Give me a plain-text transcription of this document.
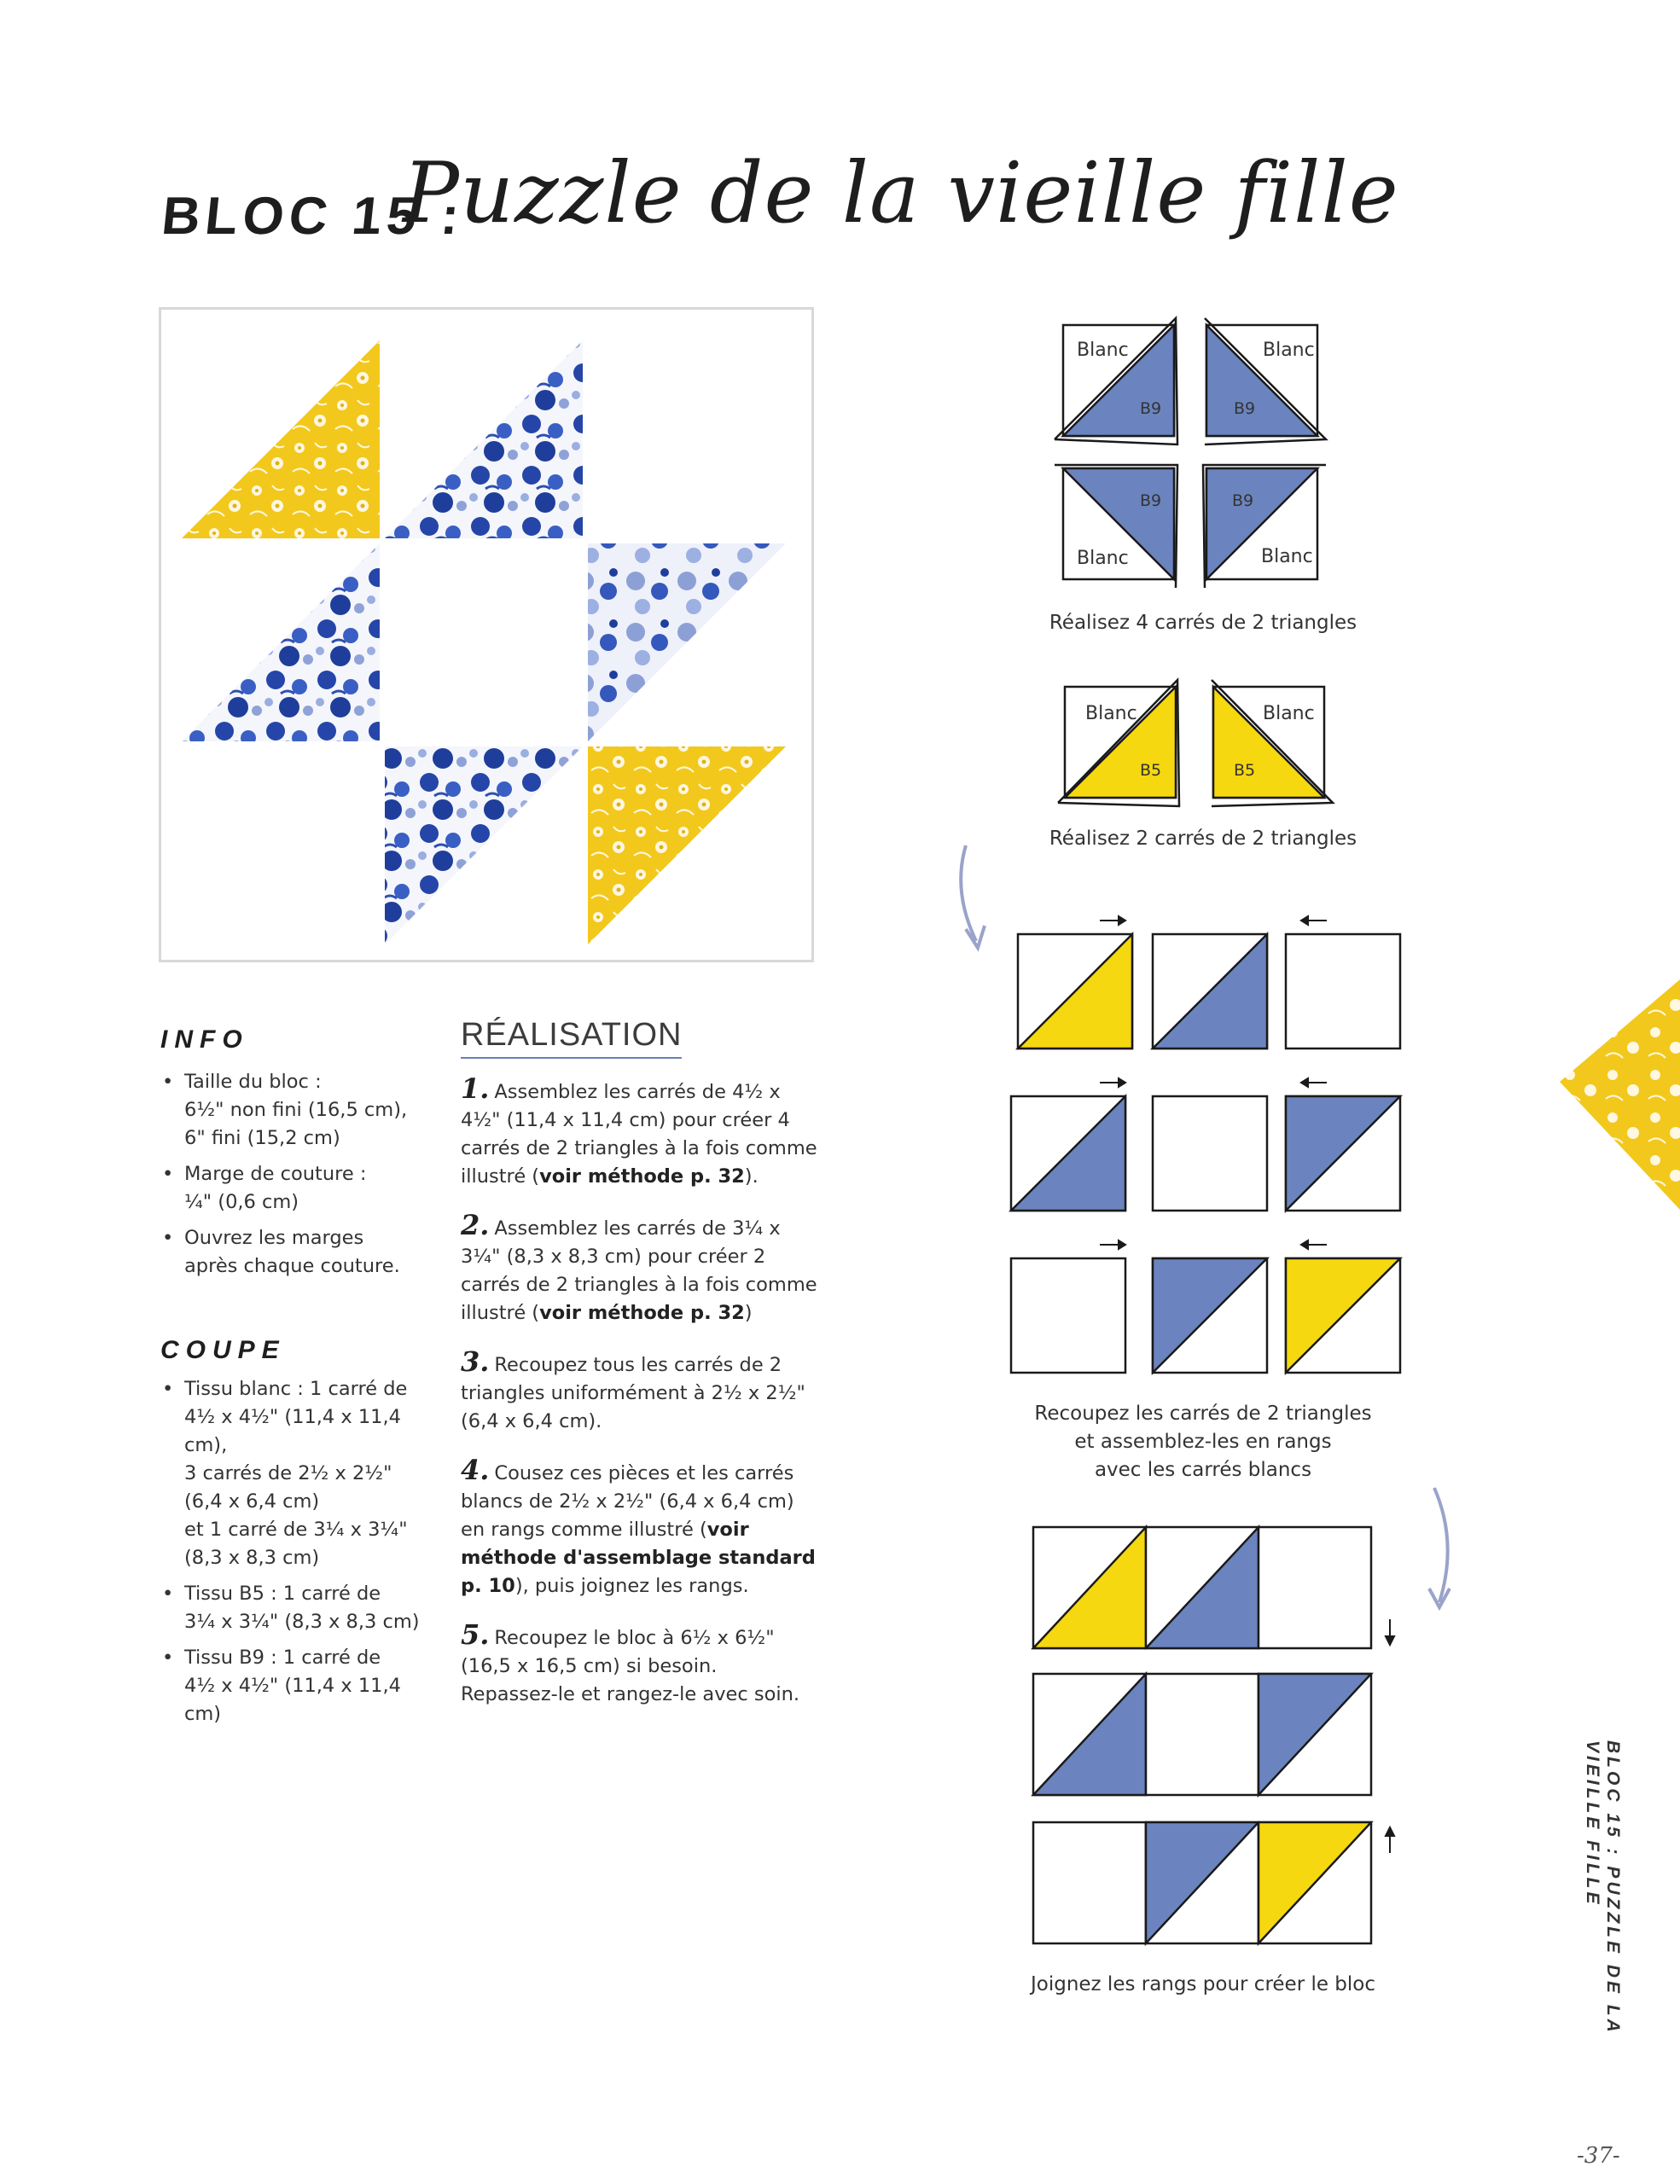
BLOC 15 :
Puzzle de la vieille fille
INFO
• Taille du bloc :
6½" non fini (16,5 cm),
6" fini (15,2 cm)
• Marge de couture :
¼" (0,6 cm)
• Ouvrez les marges
après chaque couture.
COUPE
• Tissu blanc : 1 carré de
4½ x 4½" (11,4 x 11,4 cm),
3 carrés de 2½ x 2½"
(6,4 x 6,4 cm)
et 1 carré de 3¼ x 3¼"
(8,3 x 8,3 cm)
• Tissu B5 : 1 carré de
3¼ x 3¼" (8,3 x 8,3 cm)
• Tissu B9 : 1 carré de
4½ x 4½" (11,4 x 11,4 cm)
RÉALISATION

1. Assemblez les carrés de 4½ x 4½" (11,4 x 11,4 cm) pour créer 4 carrés de 2 triangles à la fois comme illustré (voir méthode p. 32).

2. Assemblez les carrés de 3¼ x 3¼" (8,3 x 8,3 cm) pour créer 2 carrés de 2 triangles à la fois comme illustré (voir méthode p. 32)

3. Recoupez tous les carrés de 2 triangles uniformément à 2½ x 2½" (6,4 x 6,4 cm).

4. Cousez ces pièces et les carrés blancs de 2½ x 2½" (6,4 x 6,4 cm) en rangs comme illustré (voir méthode d'assemblage standard p. 10), puis joignez les rangs.

5. Recoupez le bloc à 6½ x 6½" (16,5 x 16,5 cm) si besoin. Repassez-le et rangez-le avec soin.

Blanc
B9
Blanc
B9
B9
Blanc
B9
Blanc
Réalisez 4 carrés de 2 triangles
Blanc
B5
Blanc
B5
Réalisez 2 carrés de 2 triangles
Recoupez les carrés de 2 triangles
et assemblez-les en rangs
avec les carrés blancs
Joignez les rangs pour créer le bloc	BLOC 15 : PUZZLE DE LA VIEILLE FILLE
-37-
